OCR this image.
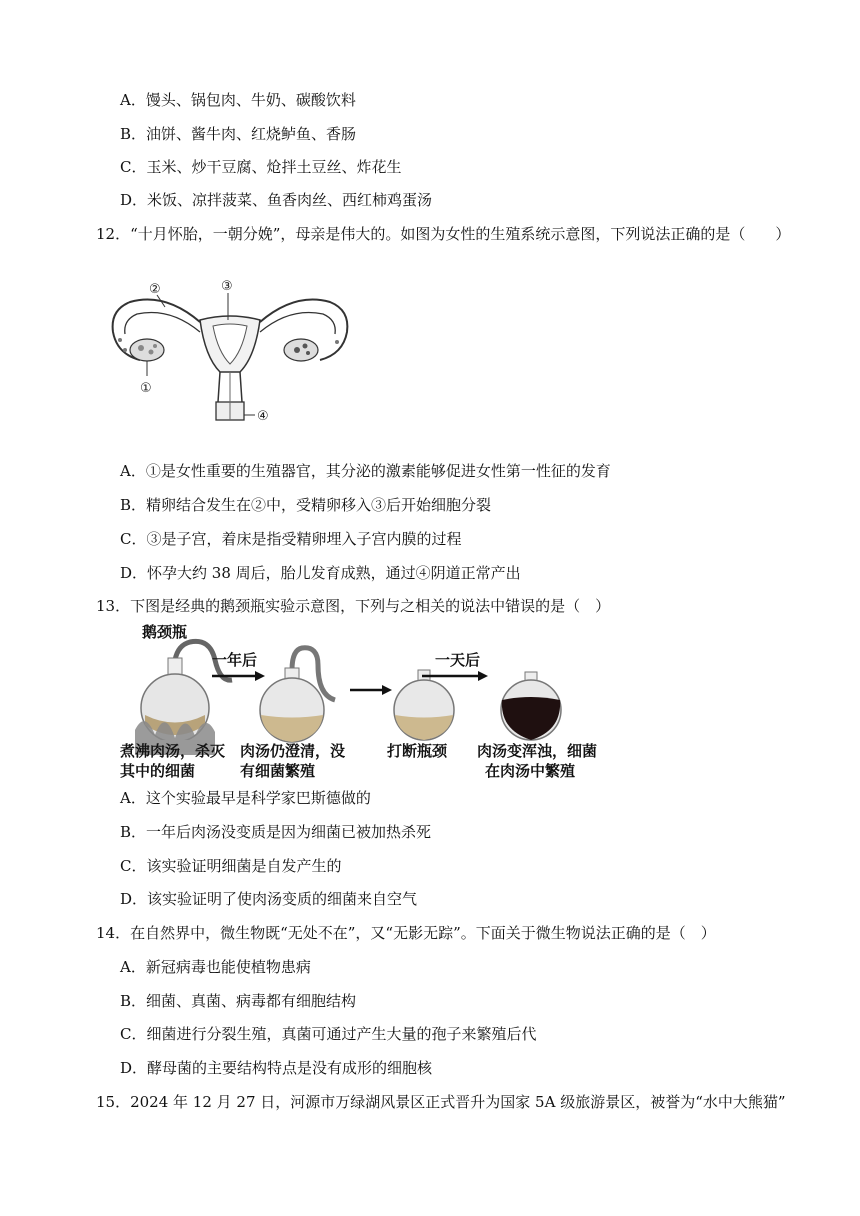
A．馒头、锅包肉、牛奶、碳酸饮料
B．油饼、酱牛肉、红烧鲈鱼、香肠
C．玉米、炒干豆腐、炝拌土豆丝、炸花生
D．米饭、凉拌菠菜、鱼香肉丝、西红柿鸡蛋汤
12．“十月怀胎，一朝分娩”，母亲是伟大的。如图为女性的生殖系统示意图，下列说法正确的是（　　）
②	③
①
④
A．①是女性重要的生殖器官，其分泌的激素能够促进女性第一性征的发育
B．精卵结合发生在②中，受精卵移入③后开始细胞分裂
C．③是子宫，着床是指受精卵埋入子宫内膜的过程
D．怀孕大约 38 周后，胎儿发育成熟，通过④阴道正常产出
13．下图是经典的鹅颈瓶实验示意图，下列与之相关的说法中错误的是（　）
鹅颈瓶
一年后	一天后
煮沸肉汤，杀灭
其中的细菌
肉汤仍澄清，没
有细菌繁殖
打断瓶颈 肉汤变浑浊，细菌
在肉汤中繁殖
A．这个实验最早是科学家巴斯德做的
B．一年后肉汤没变质是因为细菌已被加热杀死
C．该实验证明细菌是自发产生的
D．该实验证明了使肉汤变质的细菌来自空气
14．在自然界中，微生物既“无处不在”，又“无影无踪”。下面关于微生物说法正确的是（　）
A．新冠病毒也能使植物患病
B．细菌、真菌、病毒都有细胞结构
C．细菌进行分裂生殖，真菌可通过产生大量的孢子来繁殖后代
D．酵母菌的主要结构特点是没有成形的细胞核
15．2024 年 12 月 27 日，河源市万绿湖风景区正式晋升为国家 5A 级旅游景区，被誉为“水中大熊猫”
